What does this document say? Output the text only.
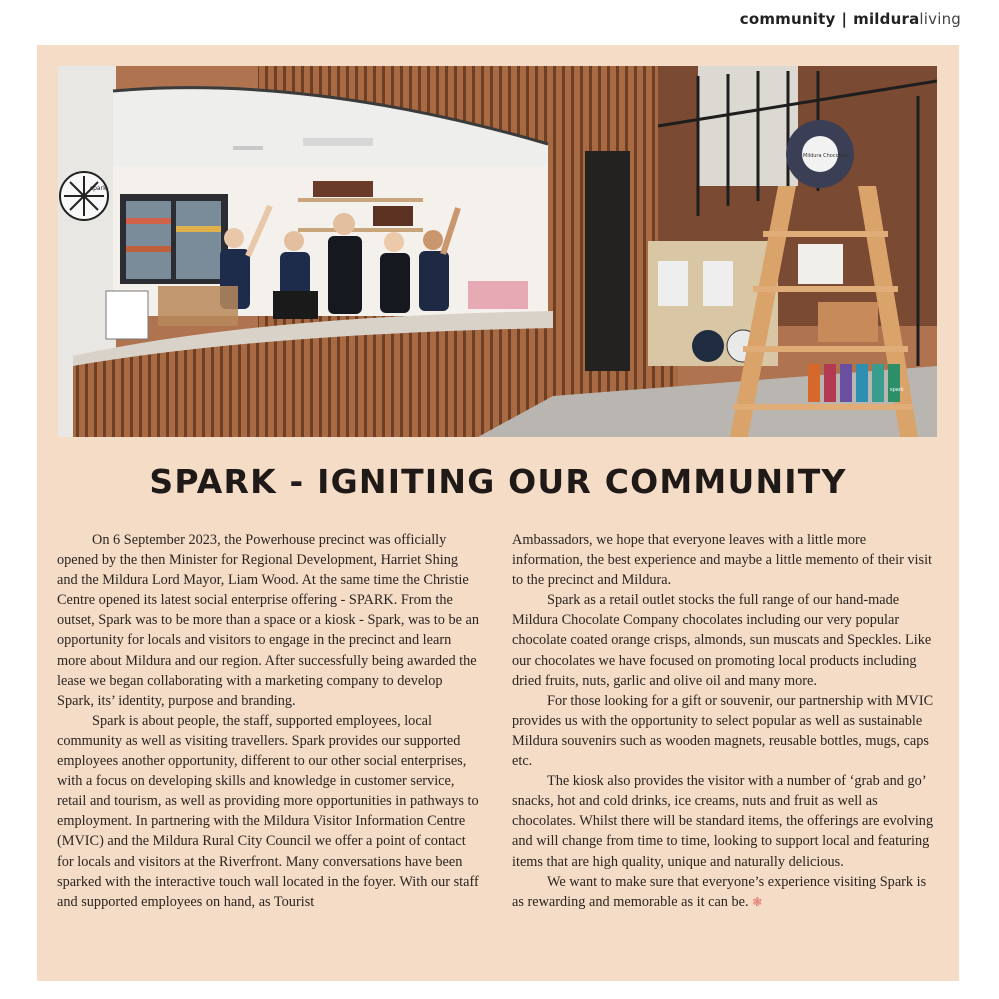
community | milduraliving
spark
Mildura Chocolate
spark
SPARK - IGNITING OUR COMMUNITY

On 6 September 2023, the Powerhouse precinct was officially opened by the then Minister for Regional Development, Harriet Shing and the Mildura Lord Mayor, Liam Wood. At the same time the Christie Centre opened its latest social enterprise offering - SPARK. From the outset, Spark was to be more than a space or a kiosk - Spark, was to be an opportunity for locals and visitors to engage in the precinct and learn more about Mildura and our region. After successfully being awarded the lease we began collaborating with a marketing company to develop Spark, its’ identity, purpose and branding.

Spark is about people, the staff, supported employees, local community as well as visiting travellers. Spark provides our supported employees another opportunity, different to our other social enterprises, with a focus on developing skills and knowledge in customer service, retail and tourism, as well as providing more opportunities in pathways to employment. In partnering with the Mildura Visitor Information Centre (MVIC) and the Mildura Rural City Council we offer a point of contact for locals and visitors at the Riverfront. Many conversations have been sparked with the interactive touch wall located in the foyer. With our staff and supported employees on hand, as Tourist

Ambassadors, we hope that everyone leaves with a little more information, the best experience and maybe a little memento of their visit to the precinct and Mildura.

Spark as a retail outlet stocks the full range of our hand-made Mildura Chocolate Company chocolates including our very popular chocolate coated orange crisps, almonds, sun muscats and Speckles. Like our chocolates we have focused on promoting local products including dried fruits, nuts, garlic and olive oil and many more.

For those looking for a gift or souvenir, our partnership with MVIC provides us with the opportunity to select popular as well as sustainable Mildura souvenirs such as wooden magnets, reusable bottles, mugs, caps etc.

The kiosk also provides the visitor with a number of ‘grab and go’ snacks, hot and cold drinks, ice creams, nuts and fruit as well as chocolates. Whilst there will be standard items, the offerings are evolving and will change from time to time, looking to support local and featuring items that are high quality, unique and naturally delicious.

We want to make sure that everyone’s experience visiting Spark is as rewarding and memorable as it can be. ❃
